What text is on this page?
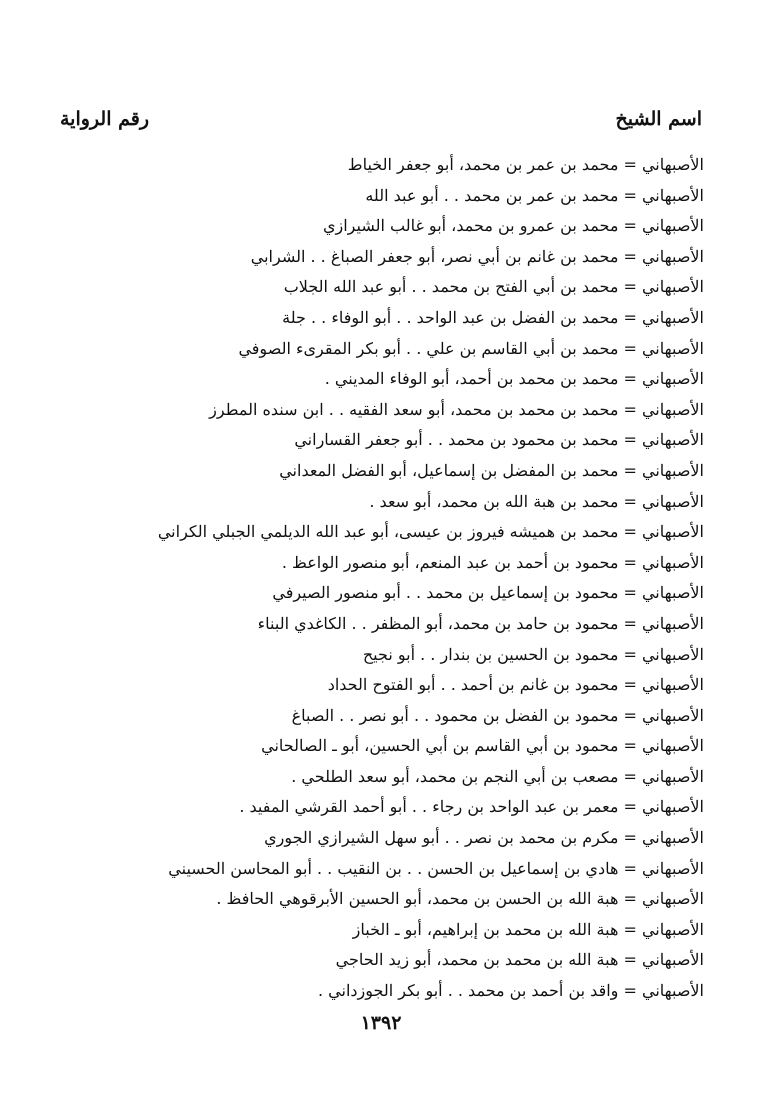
اسم الشيخ
رقم الرواية
الأصبهاني = محمد بن عمر بن محمد، أبو جعفر الخياط
الأصبهاني = محمد بن عمر بن محمد . . أبو عبد الله
الأصبهاني = محمد بن عمرو بن محمد، أبو غالب الشيرازي
الأصبهاني = محمد بن غانم بن أبي نصر، أبو جعفر الصباغ . . الشرابي
الأصبهاني = محمد بن أبي الفتح بن محمد . . أبو عبد الله الجلاب
الأصبهاني = محمد بن الفضل بن عبد الواحد . . أبو الوفاء . . جلة
الأصبهاني = محمد بن أبي القاسم بن علي . . أبو بكر المقرىء الصوفي
الأصبهاني = محمد بن محمد بن أحمد، أبو الوفاء المديني .
الأصبهاني = محمد بن محمد بن محمد، أبو سعد الفقيه . . ابن سنده المطرز
الأصبهاني = محمد بن محمود بن محمد . . أبو جعفر القساراني
الأصبهاني = محمد بن المفضل بن إسماعيل، أبو الفضل المعداني
الأصبهاني = محمد بن هبة الله بن محمد، أبو سعد .
الأصبهاني = محمد بن هميشه فيروز بن عيسى، أبو عبد الله الديلمي الجبلي الكراني
الأصبهاني = محمود بن أحمد بن عبد المنعم، أبو منصور الواعظ .
الأصبهاني = محمود بن إسماعيل بن محمد . . أبو منصور الصيرفي
الأصبهاني = محمود بن حامد بن محمد، أبو المظفر . . الكاغدي البناء
الأصبهاني = محمود بن الحسين بن بندار . . أبو نجيح
الأصبهاني = محمود بن غانم بن أحمد . . أبو الفتوح الحداد
الأصبهاني = محمود بن الفضل بن محمود . . أبو نصر . . الصباغ
الأصبهاني = محمود بن أبي القاسم بن أبي الحسين، أبو ـ الصالحاني
الأصبهاني = مصعب بن أبي النجم بن محمد، أبو سعد الطلحي .
الأصبهاني = معمر بن عبد الواحد بن رجاء . . أبو أحمد القرشي المفيد .
الأصبهاني = مكرم بن محمد بن نصر . . أبو سهل الشيرازي الجوري
الأصبهاني = هادي بن إسماعيل بن الحسن . . بن النقيب . . أبو المحاسن الحسيني
الأصبهاني = هبة الله بن الحسن بن محمد، أبو الحسين الأبرقوهي الحافظ .
الأصبهاني = هبة الله بن محمد بن إبراهيم، أبو ـ الخباز
الأصبهاني = هبة الله بن محمد بن محمد، أبو زيد الحاجي
الأصبهاني = واقد بن أحمد بن محمد . . أبو بكر الجوزداني .
١٣٩٢
